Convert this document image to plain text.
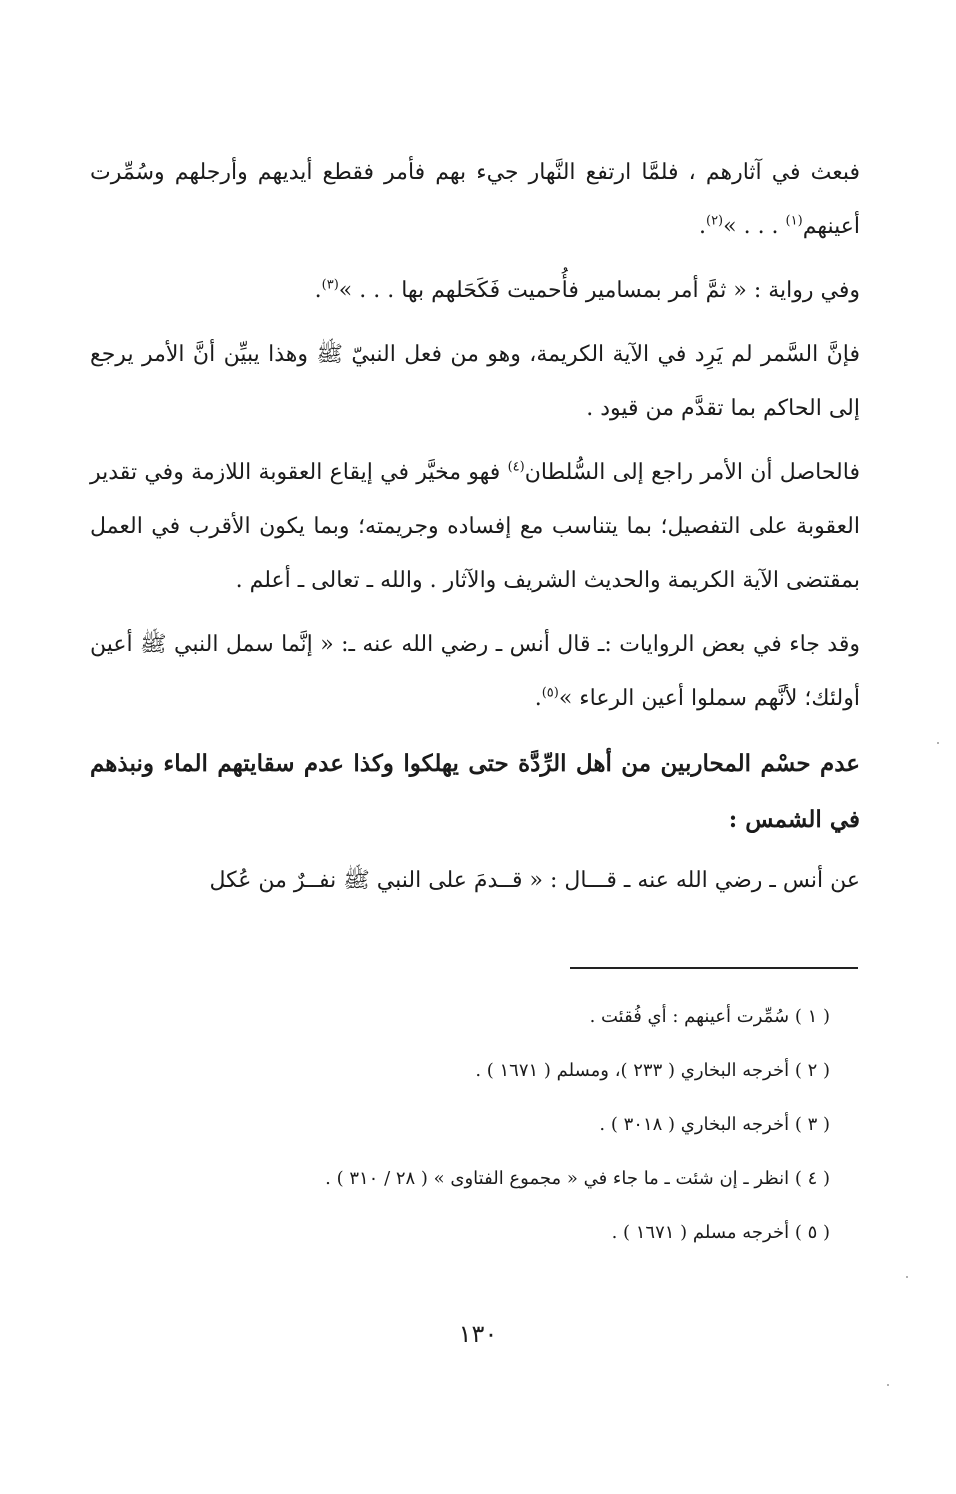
فبعث في آثارهم ، فلمَّا ارتفع النَّهار جيء بهم فأمر فقطع أيديهم وأرجلهم وسُمِّرت أعينهم$^{(١)}$ . . . »$^{(٢)}$.

وفي رواية : « ثمَّ أمر بمسامير فأُحميت فَكَحَلهم بها . . . »$^{(٣)}$.

فإنَّ السَّمر لم يَرِد في الآية الكريمة، وهو من فعل النبيّ ﷺ وهذا يبيِّن أنَّ الأمر يرجع إلى الحاكم بما تقدَّم من قيود .

فالحاصل أن الأمر راجع إلى السُّلطان$^{(٤)}$ فهو مخيَّر في إيقاع العقوبة اللازمة وفي تقدير العقوبة على التفصيل؛ بما يتناسب مع إفساده وجريمته؛ وبما يكون الأقرب في العمل بمقتضى الآية الكريمة والحديث الشريف والآثار . والله ـ تعالى ـ أعلم .

وقد جاء في بعض الروايات :ـ قال أنس ـ رضي الله عنه ـ: « إنَّما سمل النبي ﷺ أعين أولئك؛ لأنَّهم سملوا أعين الرعاء »$^{(٥)}$.

عدم حسْم المحاربين من أهل الرِّدَّة حتى يهلكوا وكذا عدم سقايتهم الماء ونبذهم في الشمس :

عن أنس ـ رضي الله عنه ـ قـــال : « قــدمَ على النبي ﷺ نفــرٌ من عُكل

( ١ ) سُمِّرت أعينهم : أي فُقئت .
( ٢ ) أخرجه البخاري ( ٢٣٣ )، ومسلم ( ١٦٧١ ) .
( ٣ ) أخرجه البخاري ( ٣٠١٨ ) .
( ٤ ) انظر ـ إن شئت ـ ما جاء في « مجموع الفتاوى » ( ٢٨ / ٣١٠ ) .
( ٥ ) أخرجه مسلم ( ١٦٧١ ) .
١٣٠
